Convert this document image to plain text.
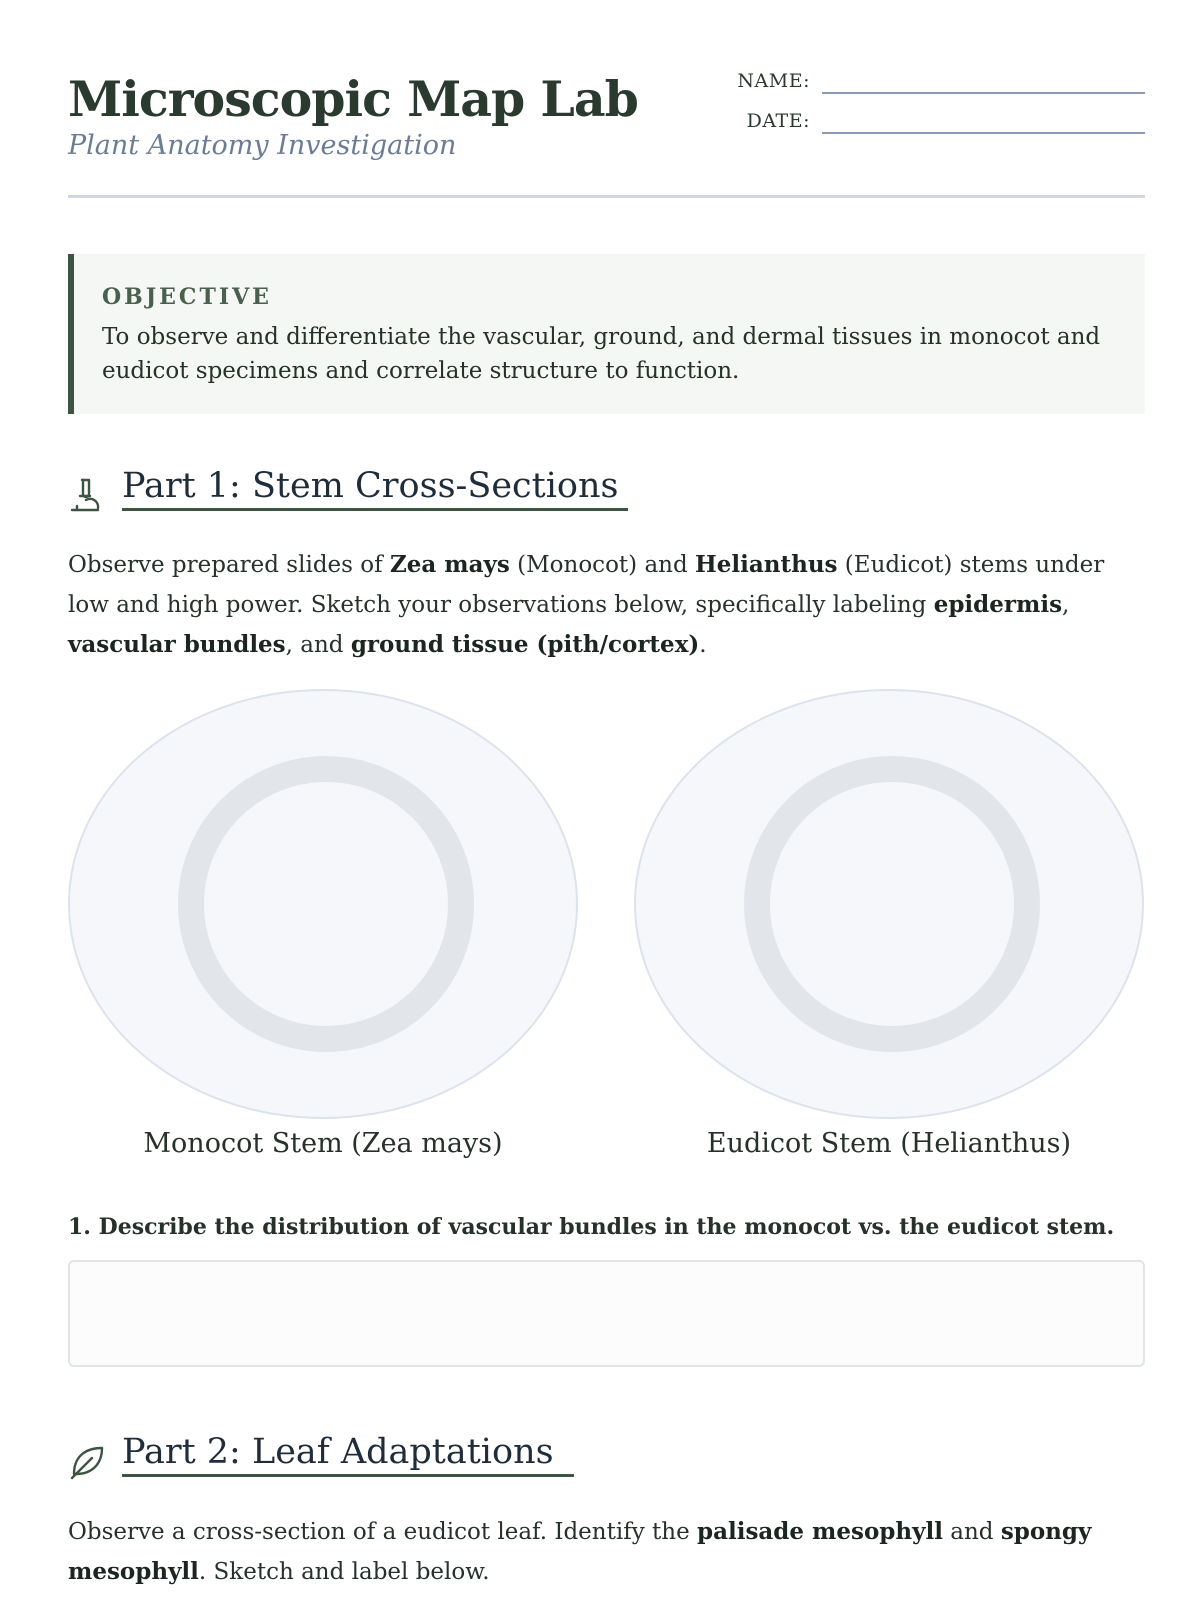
Microscopic Map Lab
Plant Anatomy Investigation
NAME:
DATE:
OBJECTIVE
To observe and differentiate the vascular, ground, and dermal tissues in monocot and eudicot specimens and correlate structure to function.
Part 1: Stem Cross-Sections
Observe prepared slides of Zea mays (Monocot) and Helianthus (Eudicot) stems under low and high power. Sketch your observations below, specifically labeling epidermis, vascular bundles, and ground tissue (pith/cortex).
Monocot Stem (Zea mays)	Eudicot Stem (Helianthus)
1. Describe the distribution of vascular bundles in the monocot vs. the eudicot stem.
Part 2: Leaf Adaptations
Observe a cross-section of a eudicot leaf. Identify the palisade mesophyll and spongy mesophyll. Sketch and label below.
